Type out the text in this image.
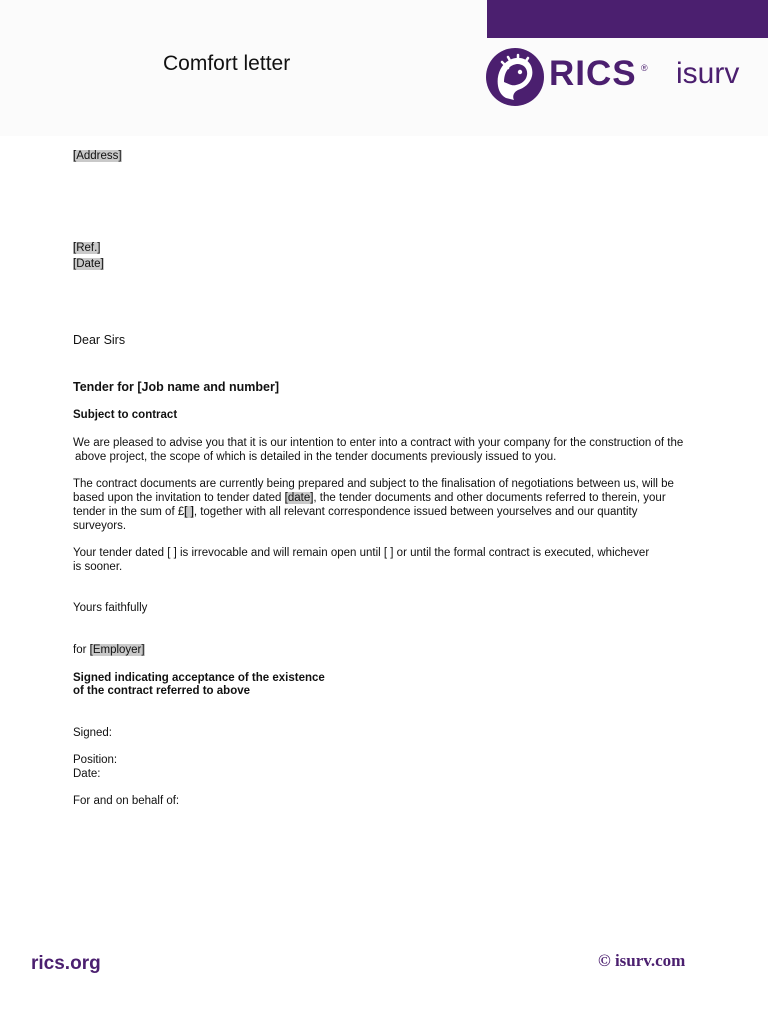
Comfort letter	RICS ® isurv
[Address]
[Ref.]
[Date]
Dear Sirs
Tender for [Job name and number]
Subject to contract
We are pleased to advise you that it is our intention to enter into a contract with your company for the construction of the
above project, the scope of which is detailed in the tender documents previously issued to you.
The contract documents are currently being prepared and subject to the finalisation of negotiations between us, will be
based upon the invitation to tender dated [date], the tender documents and other documents referred to therein, your
tender in the sum of £[ ], together with all relevant correspondence issued between yourselves and our quantity
surveyors.
Your tender dated [ ] is irrevocable and will remain open until [ ] or until the formal contract is executed, whichever
is sooner.
Yours faithfully
for [Employer]
Signed indicating acceptance of the existence
of the contract referred to above
Signed:
Position:
Date:
For and on behalf of:
rics.org	© isurv.com
